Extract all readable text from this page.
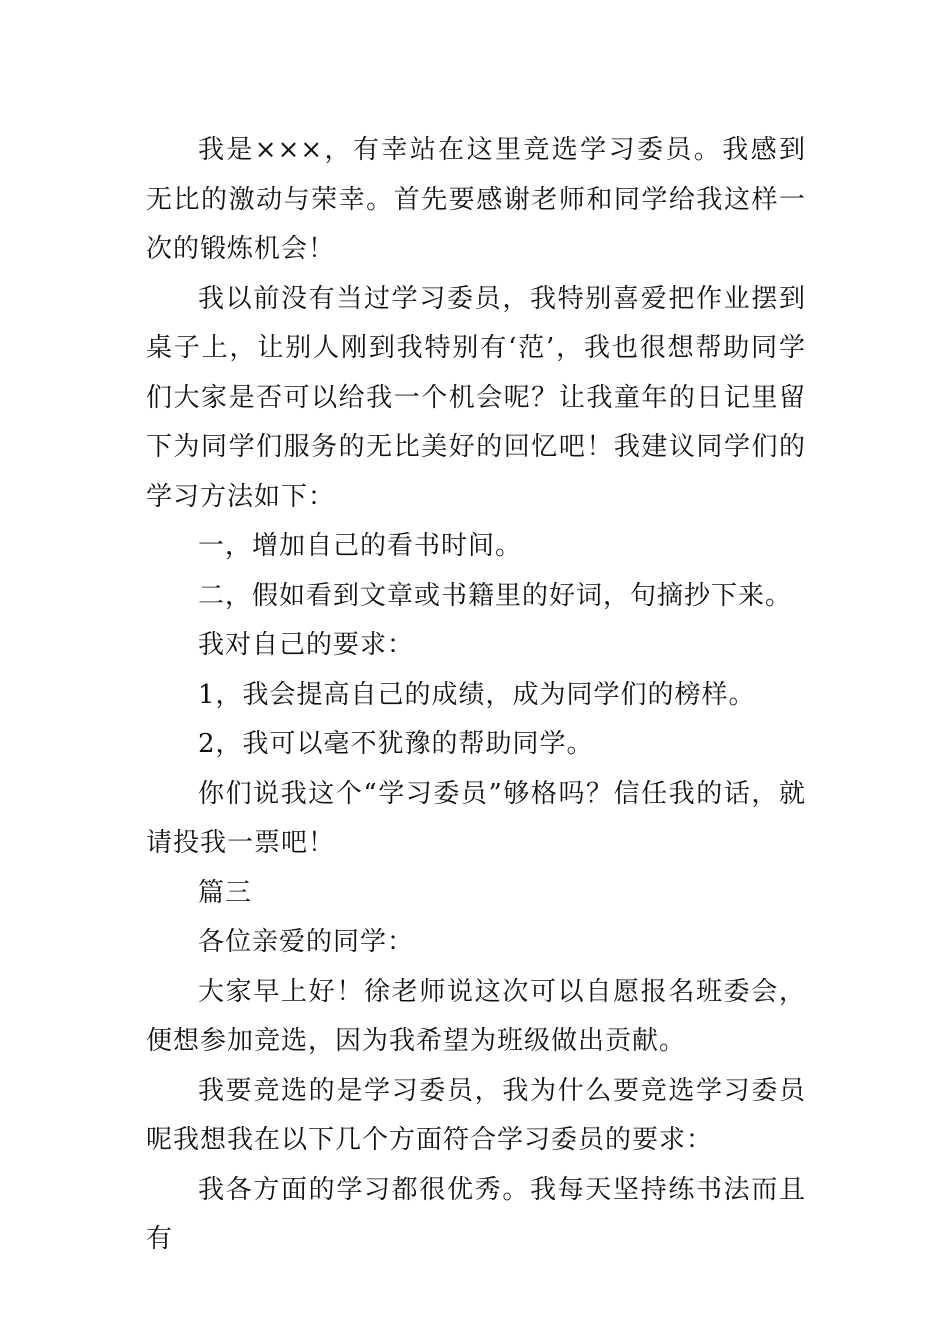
我是×××，有幸站在这里竞选学习委员。我感到无比的激动与荣幸。首先要感谢老师和同学给我这样一次的锻炼机会！

我以前没有当过学习委员，我特别喜爱把作业摆到桌子上，让别人刚到我特别有‘范’，我也很想帮助同学们大家是否可以给我一个机会呢？让我童年的日记里留下为同学们服务的无比美好的回忆吧！我建议同学们的学习方法如下：

一，增加自己的看书时间。

二，假如看到文章或书籍里的好词，句摘抄下来。

我对自己的要求：

1，我会提高自己的成绩，成为同学们的榜样。

2，我可以毫不犹豫的帮助同学。

你们说我这个“学习委员”够格吗？信任我的话，就请投我一票吧！

篇三

各位亲爱的同学：

大家早上好！徐老师说这次可以自愿报名班委会，便想参加竞选，因为我希望为班级做出贡献。

我要竞选的是学习委员，我为什么要竞选学习委员呢我想我在以下几个方面符合学习委员的要求：

我各方面的学习都很优秀。我每天坚持练书法而且有
